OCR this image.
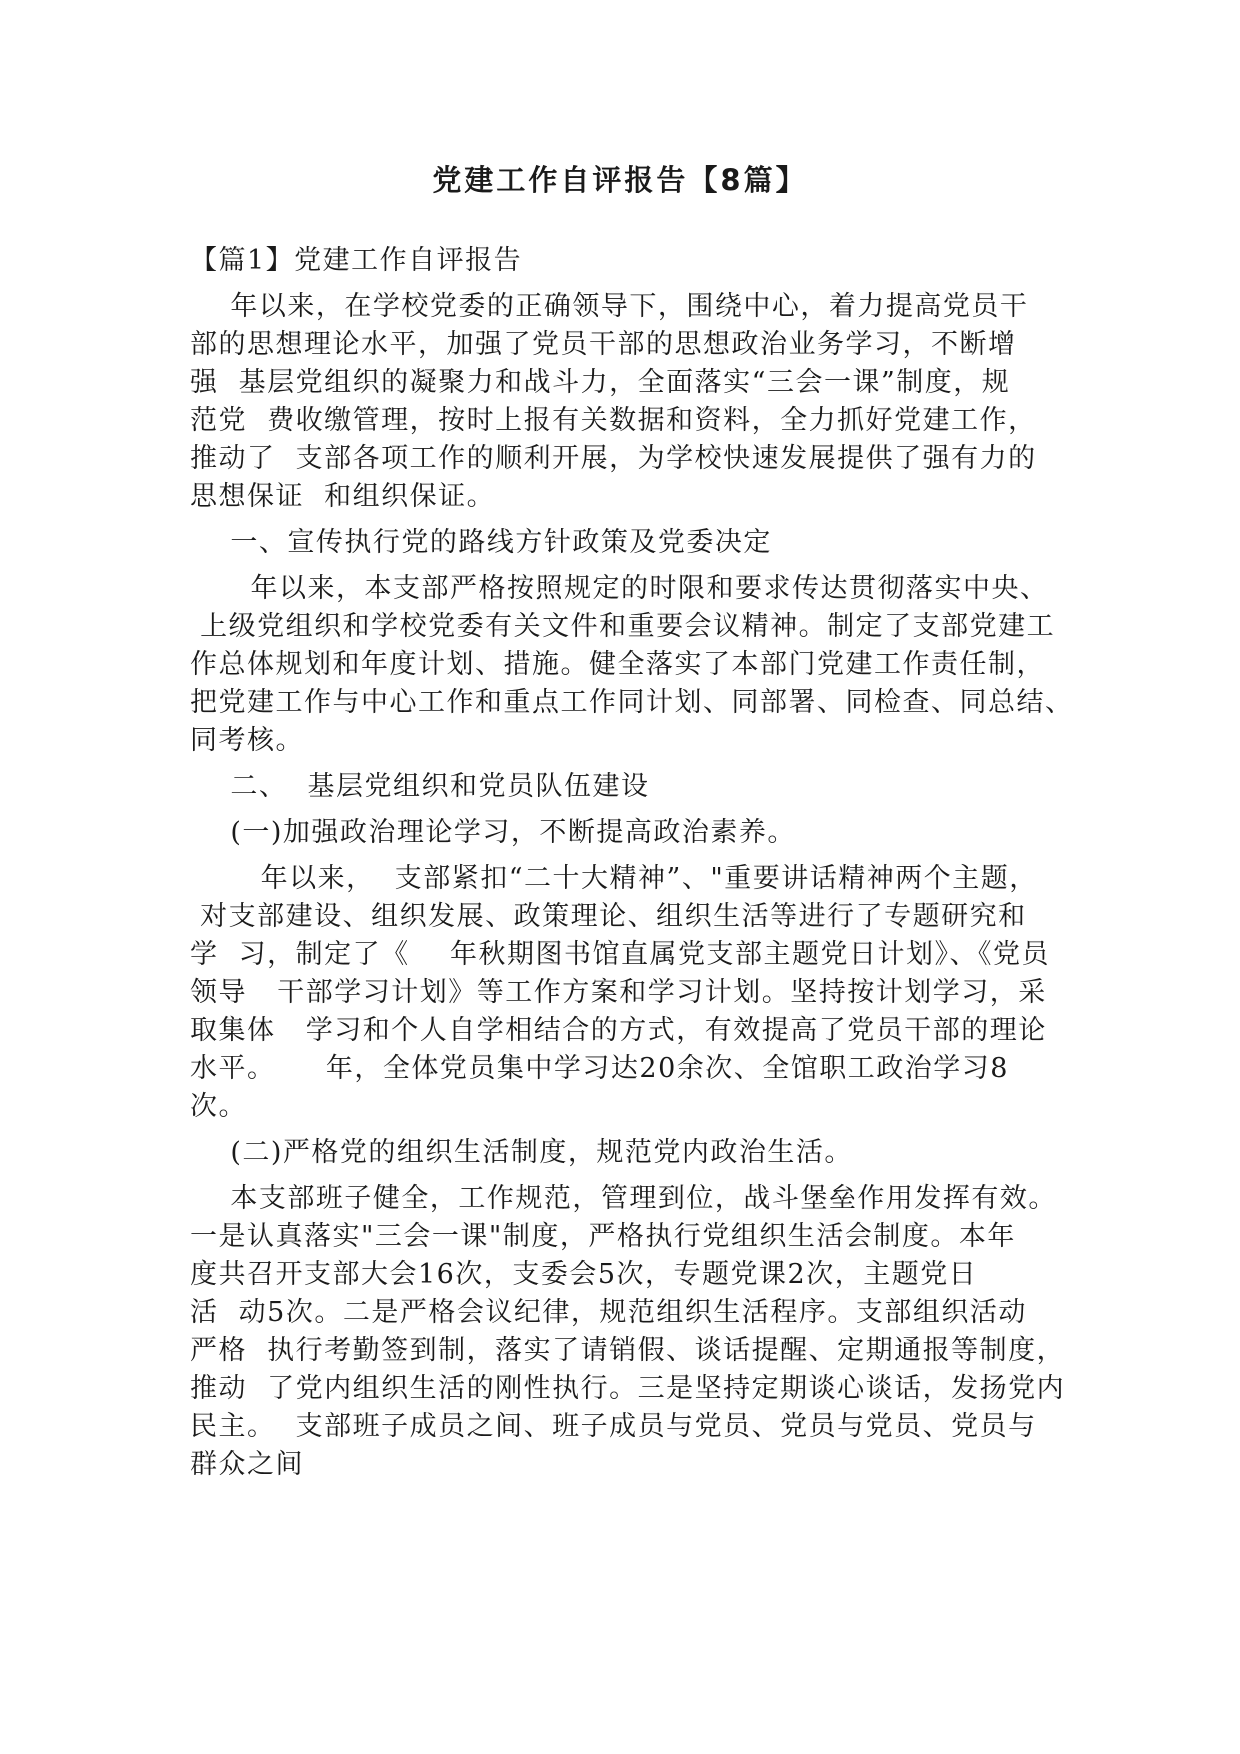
党建工作自评报告【8篇】

【篇1】党建工作自评报告

年以来，在学校党委的正确领导下，围绕中心，着力提高党员干
部的思想理论水平，加强了党员干部的思想政治业务学习，不断增
强  基层党组织的凝聚力和战斗力，全面落实“三会一课”制度，规
范党  费收缴管理，按时上报有关数据和资料，全力抓好党建工作，
推动了  支部各项工作的顺利开展，为学校快速发展提供了强有力的
思想保证  和组织保证。

一、宣传执行党的路线方针政策及党委决定

年以来，本支部严格按照规定的时限和要求传达贯彻落实中央、
上级党组织和学校党委有关文件和重要会议精神。制定了支部党建工
作总体规划和年度计划、措施。健全落实了本部门党建工作责任制，
把党建工作与中心工作和重点工作同计划、同部署、同检查、同总结、
同考核。

二、  基层党组织和党员队伍建设

(一)加强政治理论学习，不断提高政治素养。

年以来，  支部紧扣“二十大精神”、"重要讲话精神两个主题，
对支部建设、组织发展、政策理论、组织生活等进行了专题研究和
学  习，制定了《    年秋期图书馆直属党支部主题党日计划》、《党员
领导   干部学习计划》等工作方案和学习计划。坚持按计划学习，采
取集体   学习和个人自学相结合的方式，有效提高了党员干部的理论
水平。     年，全体党员集中学习达20余次、全馆职工政治学习8
次。

(二)严格党的组织生活制度，规范党内政治生活。

本支部班子健全，工作规范，管理到位，战斗堡垒作用发挥有效。
一是认真落实"三会一课"制度，严格执行党组织生活会制度。本年
度共召开支部大会16次，支委会5次，专题党课2次，主题党日
活  动5次。二是严格会议纪律，规范组织生活程序。支部组织活动
严格  执行考勤签到制，落实了请销假、谈话提醒、定期通报等制度，
推动  了党内组织生活的刚性执行。三是坚持定期谈心谈话，发扬党内
民主。  支部班子成员之间、班子成员与党员、党员与党员、党员与
群众之间
